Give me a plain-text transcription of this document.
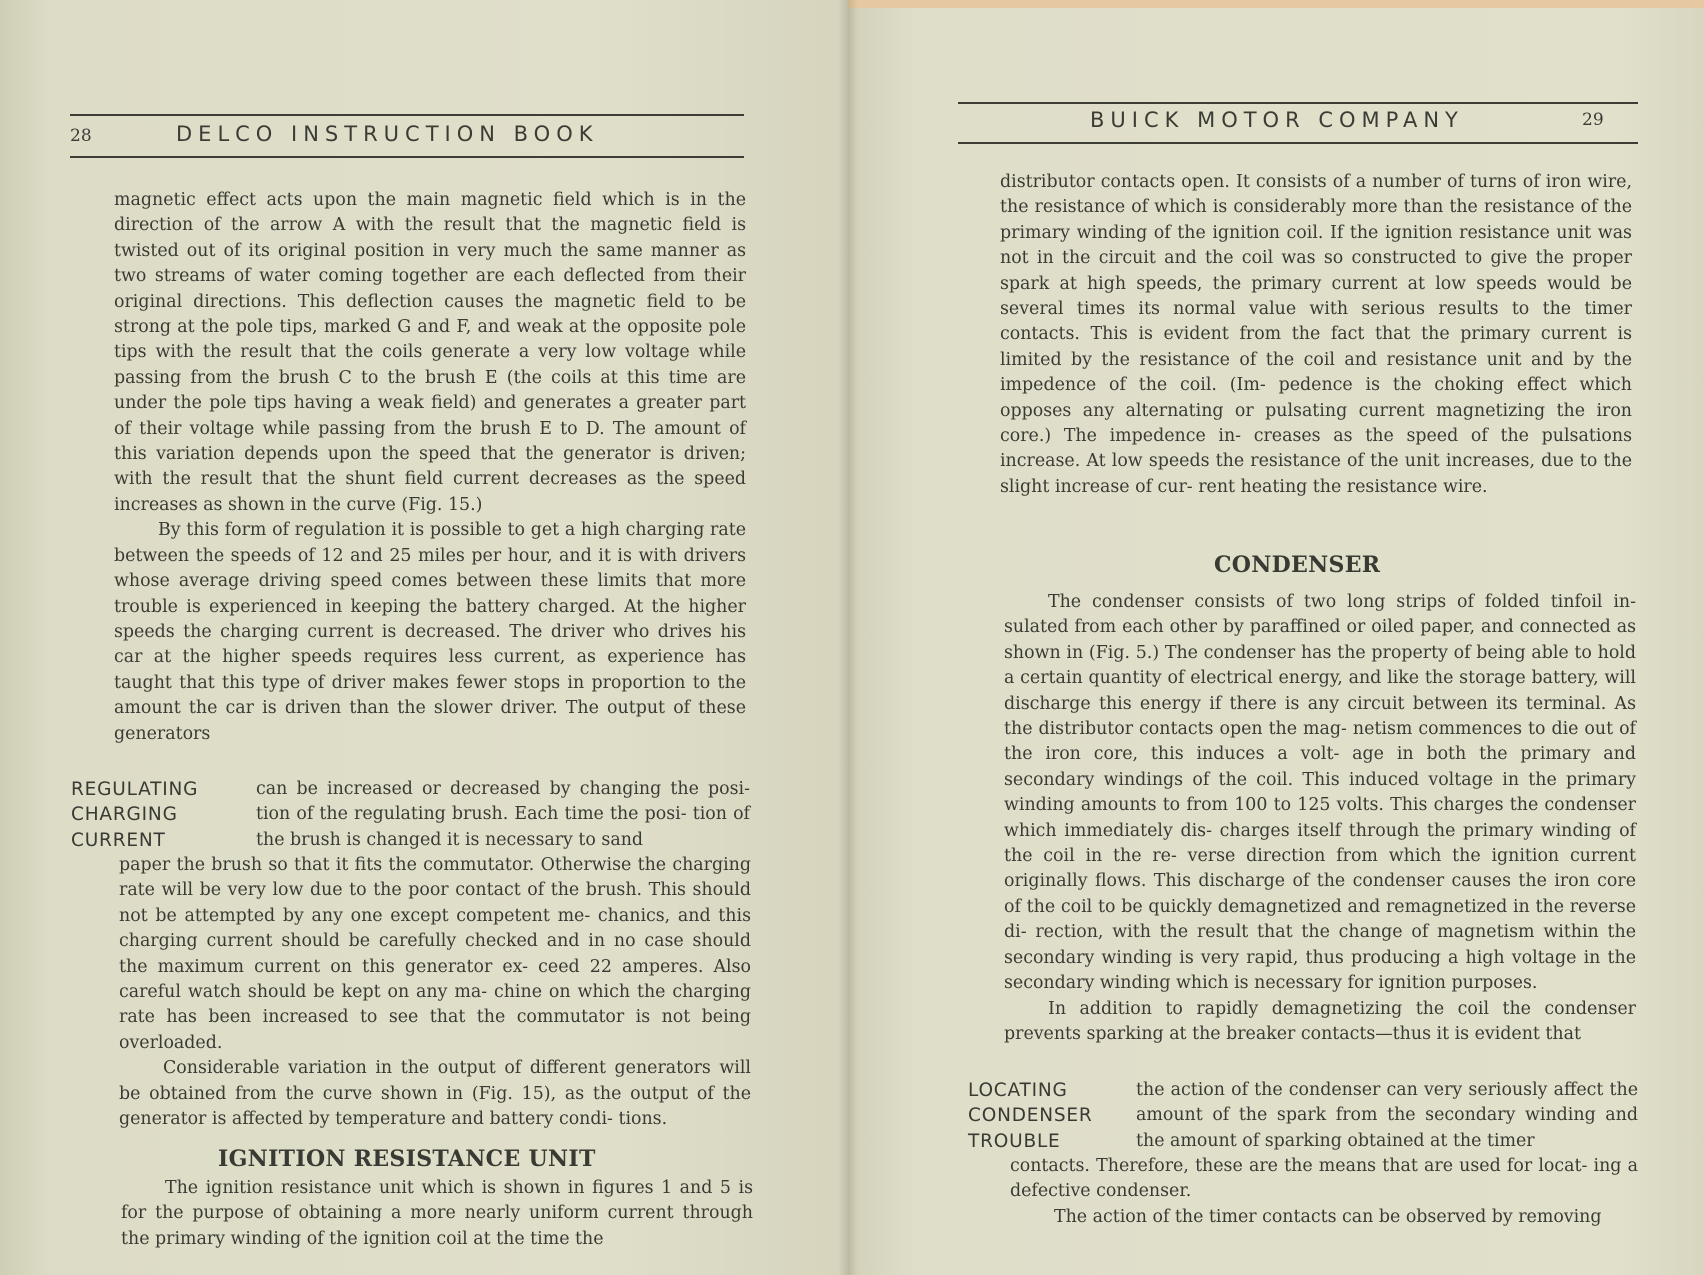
28	DELCO INSTRUCTION BOOK

magnetic effect acts upon the main magnetic field which is in the direction of the arrow A with the result that the magnetic field is twisted out of its original position in very much the same manner as two streams of water coming together are each deflected from their original directions. This deflection causes the magnetic field to be strong at the pole tips, marked G and F, and weak at the opposite pole tips with the result that the coils generate a very low voltage while passing from the brush C to the brush E (the coils at this time are under the pole tips having a weak field) and generates a greater part of their voltage while passing from the brush E to D. The amount of this variation depends upon the speed that the generator is driven; with the result that the shunt field current decreases as the speed increases as shown in the curve (Fig. 15.)

By this form of regulation it is possible to get a high charging rate between the speeds of 12 and 25 miles per hour, and it is with drivers whose average driving speed comes between these limits that more trouble is experienced in keeping the battery charged. At the higher speeds the charging current is decreased. The driver who drives his car at the higher speeds requires less current, as experience has taught that this type of driver makes fewer stops in proportion to the amount the car is driven than the slower driver. The output of these generators

REGULATING
CHARGING
CURRENT

can be increased or decreased by changing the posi- tion of the regulating brush. Each time the posi- tion of the brush is changed it is necessary to sand

paper the brush so that it fits the commutator. Otherwise the charging rate will be very low due to the poor contact of the brush. This should not be attempted by any one except competent me- chanics, and this charging current should be carefully checked and in no case should the maximum current on this generator ex- ceed 22 amperes. Also careful watch should be kept on any ma- chine on which the charging rate has been increased to see that the commutator is not being overloaded.

Considerable variation in the output of different generators will be obtained from the curve shown in (Fig. 15), as the output of the generator is affected by temperature and battery condi- tions.

IGNITION RESISTANCE UNIT

The ignition resistance unit which is shown in figures 1 and 5 is for the purpose of obtaining a more nearly uniform current through the primary winding of the ignition coil at the time the

BUICK MOTOR COMPANY	29

distributor contacts open. It consists of a number of turns of iron wire, the resistance of which is considerably more than the resistance of the primary winding of the ignition coil. If the ignition resistance unit was not in the circuit and the coil was so constructed to give the proper spark at high speeds, the primary current at low speeds would be several times its normal value with serious results to the timer contacts. This is evident from the fact that the primary current is limited by the resistance of the coil and resistance unit and by the impedence of the coil. (Im- pedence is the choking effect which opposes any alternating or pulsating current magnetizing the iron core.) The impedence in- creases as the speed of the pulsations increase. At low speeds the resistance of the unit increases, due to the slight increase of cur- rent heating the resistance wire.

CONDENSER

The condenser consists of two long strips of folded tinfoil in- sulated from each other by paraffined or oiled paper, and connected as shown in (Fig. 5.) The condenser has the property of being able to hold a certain quantity of electrical energy, and like the storage battery, will discharge this energy if there is any circuit between its terminal. As the distributor contacts open the mag- netism commences to die out of the iron core, this induces a volt- age in both the primary and secondary windings of the coil. This induced voltage in the primary winding amounts to from 100 to 125 volts. This charges the condenser which immediately dis- charges itself through the primary winding of the coil in the re- verse direction from which the ignition current originally flows. This discharge of the condenser causes the iron core of the coil to be quickly demagnetized and remagnetized in the reverse di- rection, with the result that the change of magnetism within the secondary winding is very rapid, thus producing a high voltage in the secondary winding which is necessary for ignition purposes.

In addition to rapidly demagnetizing the coil the condenser prevents sparking at the breaker contacts—thus it is evident that

LOCATING
CONDENSER
TROUBLE

the action of the condenser can very seriously affect the amount of the spark from the secondary winding and the amount of sparking obtained at the timer

contacts. Therefore, these are the means that are used for locat- ing a defective condenser.

The action of the timer contacts can be observed by removing
